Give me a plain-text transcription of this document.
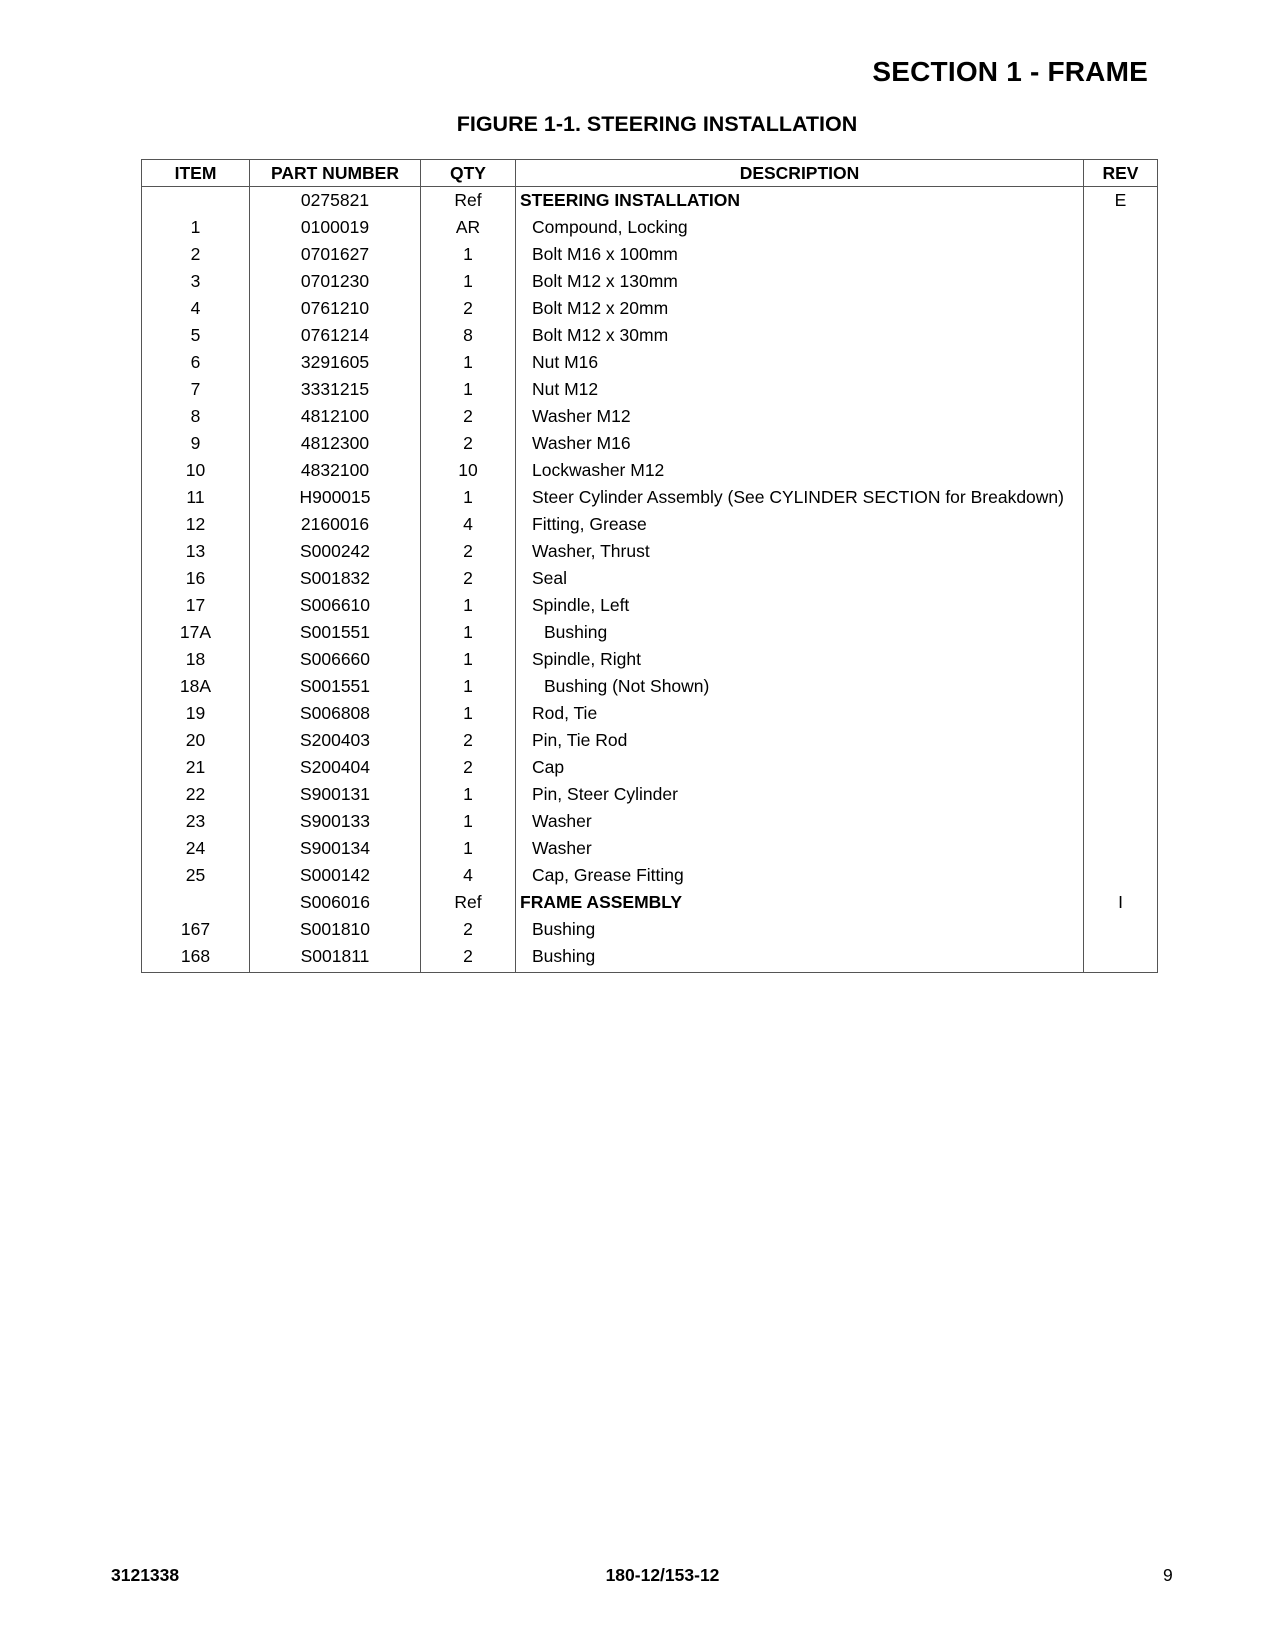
SECTION 1 - FRAME
FIGURE 1-1. STEERING INSTALLATION
ITEM	PART NUMBER	QTY	DESCRIPTION	REV
	0275821	Ref	STEERING INSTALLATION	E
1	0100019	AR	Compound, Locking	
2	0701627	1	Bolt M16 x 100mm	
3	0701230	1	Bolt M12 x 130mm	
4	0761210	2	Bolt M12 x 20mm	
5	0761214	8	Bolt M12 x 30mm	
6	3291605	1	Nut M16	
7	3331215	1	Nut M12	
8	4812100	2	Washer M12	
9	4812300	2	Washer M16	
10	4832100	10	Lockwasher M12	
11	H900015	1	Steer Cylinder Assembly (See CYLINDER SECTION for Breakdown)	
12	2160016	4	Fitting, Grease	
13	S000242	2	Washer, Thrust	
16	S001832	2	Seal	
17	S006610	1	Spindle, Left	
17A	S001551	1	Bushing	
18	S006660	1	Spindle, Right	
18A	S001551	1	Bushing (Not Shown)	
19	S006808	1	Rod, Tie	
20	S200403	2	Pin, Tie Rod	
21	S200404	2	Cap	
22	S900131	1	Pin, Steer Cylinder	
23	S900133	1	Washer	
24	S900134	1	Washer	
25	S000142	4	Cap, Grease Fitting	
	S006016	Ref	FRAME ASSEMBLY	I
167	S001810	2	Bushing	
168	S001811	2	Bushing	
3121338	180-12/153-12	9
